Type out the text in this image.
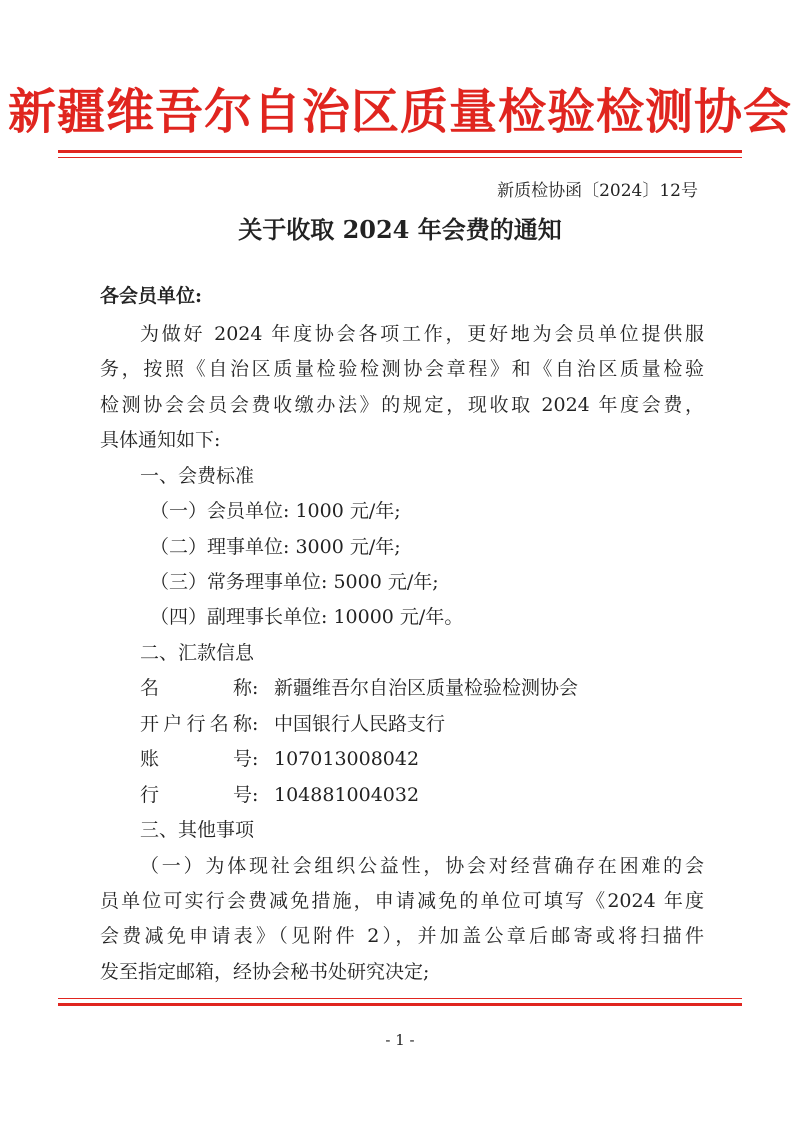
新疆维吾尔自治区质量检验检测协会
新质检协函〔2024〕12号
关于收取 2024 年会费的通知
各会员单位:
为做好 2024 年度协会各项工作，更好地为会员单位提供服
务，按照《自治区质量检验检测协会章程》和《自治区质量检验
检测协会会员会费收缴办法》的规定，现收取 2024 年度会费，
具体通知如下:
一、会费标准
（一）会员单位: 1000 元/年;
（二）理事单位: 3000 元/年;
（三）常务理事单位: 5000 元/年;
（四）副理事长单位: 10000 元/年。
二、汇款信息
名称: 新疆维吾尔自治区质量检验检测协会
开户行名称: 中国银行人民路支行
账号: 107013008042
行号: 104881004032
三、其他事项
（一）为体现社会组织公益性，协会对经营确存在困难的会
员单位可实行会费减免措施，申请减免的单位可填写《2024 年度
会费减免申请表》（见附件 2），并加盖公章后邮寄或将扫描件
发至指定邮箱，经协会秘书处研究决定;
- 1 -
